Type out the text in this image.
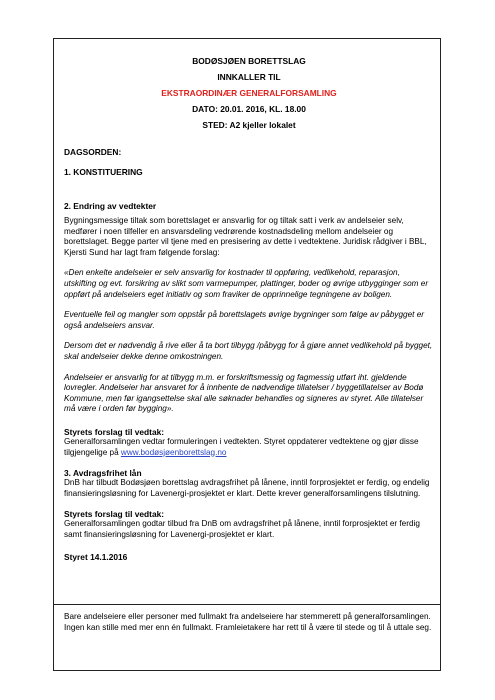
BODØSJØEN BORETTSLAG
INNKALLER TIL
EKSTRAORDINÆR GENERALFORSAMLING
DATO: 20.01. 2016, KL. 18.00
STED: A2 kjeller lokalet
DAGSORDEN:
1. KONSTITUERING
2. Endring av vedtekter

Bygningsmessige tiltak som borettslaget er ansvarlig for og tiltak satt i verk av andelseier selv, medfører i noen tilfeller en ansvarsdeling vedrørende kostnadsdeling mellom andelseier og borettslaget. Begge parter vil tjene med en presisering av dette i vedtektene. Juridisk rådgiver i BBL, Kjersti Sund har lagt fram følgende forslag:

«Den enkelte andelseier er selv ansvarlig for kostnader til oppføring, vedlikehold, reparasjon, utskifting og evt. forsikring av slikt som varmepumper, plattinger, boder og øvrige utbygginger som er oppført på andelseiers eget initiativ og som fraviker de opprinnelige tegningene av boligen.

Eventuelle feil og mangler som oppstår på borettslagets øvrige bygninger som følge av påbygget er også andelseiers ansvar.

Dersom det er nødvendig å rive eller å ta bort tilbygg /påbygg for å gjøre annet vedlikehold på bygget, skal andelseier dekke denne omkostningen.

Andelseier er ansvarlig for at tilbygg m.m. er forskriftsmessig og fagmessig utført iht. gjeldende lovregler. Andelseier har ansvaret for å innhente de nødvendige tillatelser / byggetillatelser av Bodø Kommune, men før igangsettelse skal alle søknader behandles og signeres av styret. Alle tillatelser må være i orden før bygging».

Styrets forslag til vedtak:

Generalforsamlingen vedtar formuleringen i vedtekten. Styret oppdaterer vedtektene og gjør disse tilgjengelige på www.bodøsjøenborettslag.no

3. Avdragsfrihet lån

DnB har tilbudt Bodøsjøen borettslag avdragsfrihet på lånene, inntil forprosjektet er ferdig, og endelig finansieringsløsning for Lavenergi-prosjektet er klart. Dette krever generalforsamlingens tilslutning.

Styrets forslag til vedtak:

Generalforsamlingen godtar tilbud fra DnB om avdragsfrihet på lånene, inntil forprosjektet er ferdig samt finansieringsløsning for Lavenergi-prosjektet er klart.

Styret 14.1.2016

Bare andelseiere eller personer med fullmakt fra andelseiere har stemmerett på generalforsamlingen. Ingen kan stille med mer enn én fullmakt. Framleietakere har rett til å være til stede og til å uttale seg.
